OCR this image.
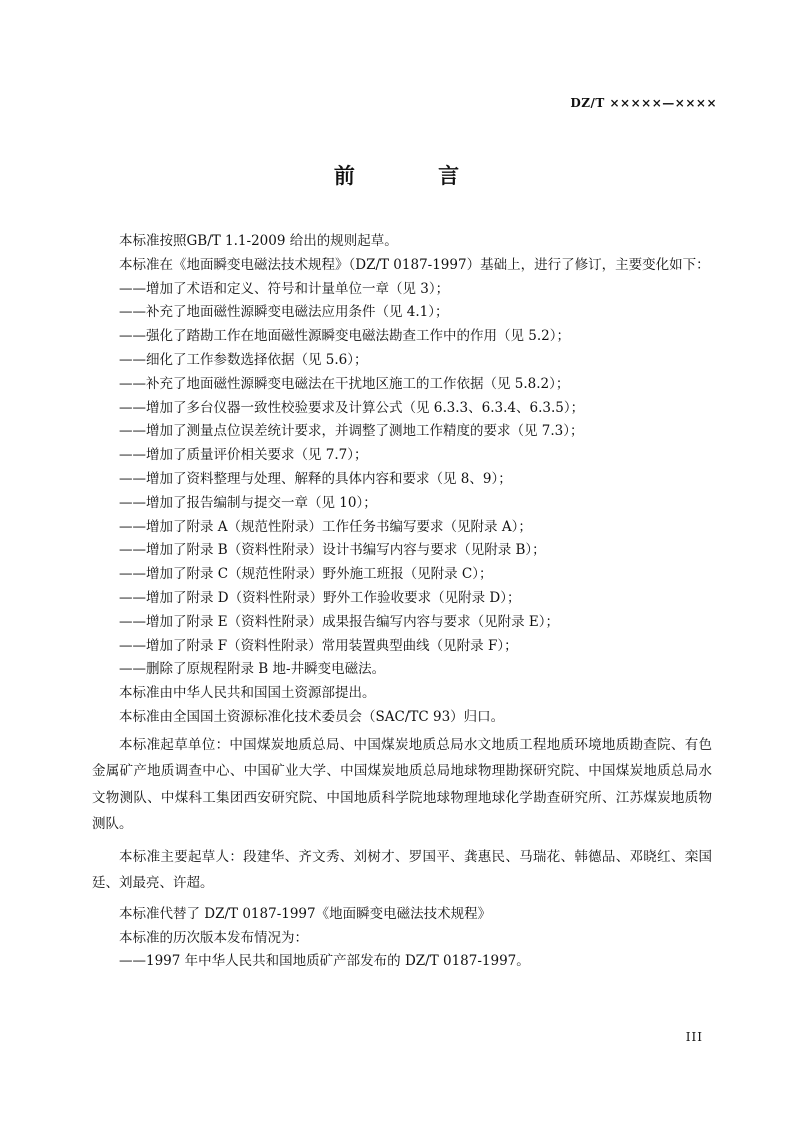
DZ/T ×××××—××××
前 言
本标准按照GB/T 1.1-2009 给出的规则起草。
本标准在《地面瞬变电磁法技术规程》（DZ/T 0187-1997）基础上，进行了修订，主要变化如下：
——增加了术语和定义、符号和计量单位一章（见 3）；
——补充了地面磁性源瞬变电磁法应用条件（见 4.1）；
——强化了踏勘工作在地面磁性源瞬变电磁法勘查工作中的作用（见 5.2）；
——细化了工作参数选择依据（见 5.6）；
——补充了地面磁性源瞬变电磁法在干扰地区施工的工作依据（见 5.8.2）；
——增加了多台仪器一致性校验要求及计算公式（见 6.3.3、6.3.4、6.3.5）；
——增加了测量点位误差统计要求，并调整了测地工作精度的要求（见 7.3）；
——增加了质量评价相关要求（见 7.7）；
——增加了资料整理与处理、解释的具体内容和要求（见 8、9）；
——增加了报告编制与提交一章（见 10）；
——增加了附录 A（规范性附录）工作任务书编写要求（见附录 A）；
——增加了附录 B（资料性附录）设计书编写内容与要求（见附录 B）；
——增加了附录 C（规范性附录）野外施工班报（见附录 C）；
——增加了附录 D（资料性附录）野外工作验收要求（见附录 D）；
——增加了附录 E（资料性附录）成果报告编写内容与要求（见附录 E）；
——增加了附录 F（资料性附录）常用装置典型曲线（见附录 F）；
——删除了原规程附录 B 地-井瞬变电磁法。
本标准由中华人民共和国国土资源部提出。
本标准由全国国土资源标准化技术委员会（SAC/TC 93）归口。
本标准起草单位：中国煤炭地质总局、中国煤炭地质总局水文地质工程地质环境地质勘查院、有色金属矿产地质调查中心、中国矿业大学、中国煤炭地质总局地球物理勘探研究院、中国煤炭地质总局水文物测队、中煤科工集团西安研究院、中国地质科学院地球物理地球化学勘查研究所、江苏煤炭地质物测队。
本标准主要起草人：段建华、齐文秀、刘树才、罗国平、龚惠民、马瑞花、韩德品、邓晓红、栾国廷、刘最亮、许超。
本标准代替了 DZ/T 0187-1997《地面瞬变电磁法技术规程》
本标准的历次版本发布情况为：
——1997 年中华人民共和国地质矿产部发布的 DZ/T 0187-1997。
III
